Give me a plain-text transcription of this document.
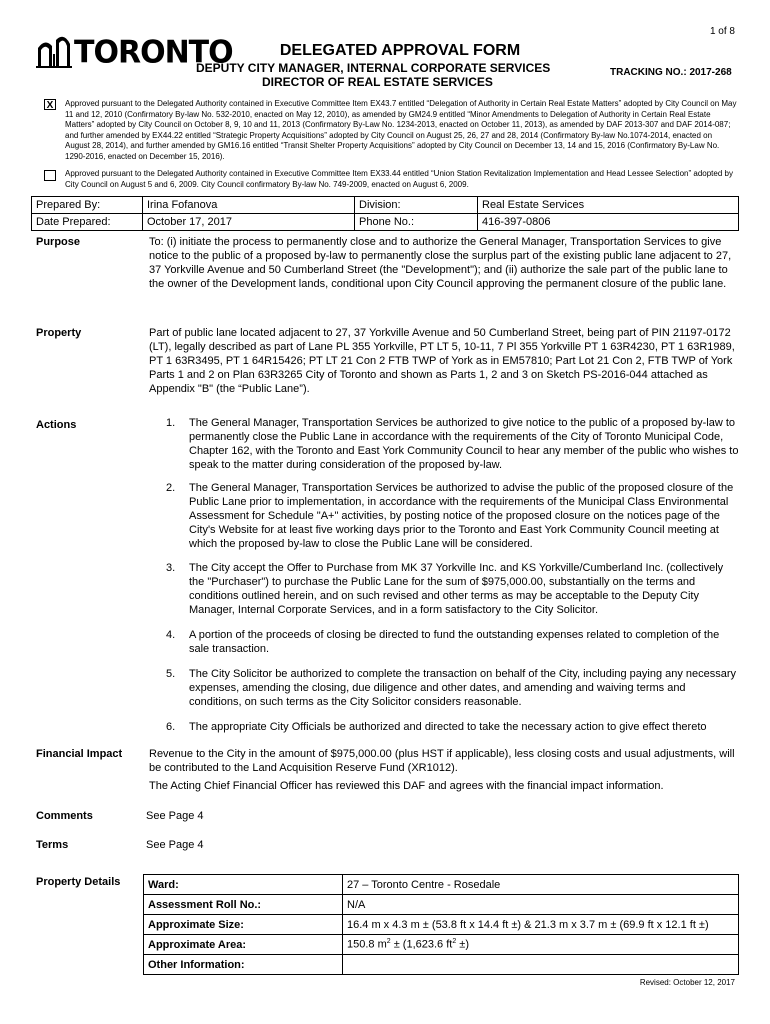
1 of 8
TORONTO	DELEGATED APPROVAL FORM
DEPUTY CITY MANAGER, INTERNAL CORPORATE SERVICES
DIRECTOR OF REAL ESTATE SERVICES
TRACKING NO.: 2017-268
X	Approved pursuant to the Delegated Authority contained in Executive Committee Item EX43.7 entitled “Delegation of Authority in Certain Real Estate Matters” adopted by City Council on May 11 and 12, 2010 (Confirmatory By-law No. 532-2010, enacted on May 12, 2010), as amended by GM24.9 entitled “Minor Amendments to Delegation of Authority in Certain Real Estate Matters” adopted by City Council on October 8, 9, 10 and 11, 2013 (Confirmatory By-Law No. 1234-2013, enacted on October 11, 2013), as amended by DAF 2013-307 and DAF 2014-087; and further amended by EX44.22 entitled “Strategic Property Acquisitions” adopted by City Council on August 25, 26, 27 and 28, 2014 (Confirmatory By-law No.1074-2014, enacted on August 28, 2014), and further amended by GM16.16 entitled “Transit Shelter Property Acquisitions” adopted by City Council on December 13, 14 and 15, 2016 (Confirmatory By-Law No. 1290-2016, enacted on December 15, 2016).
Approved pursuant to the Delegated Authority contained in Executive Committee Item EX33.44 entitled “Union Station Revitalization Implementation and Head Lessee Selection” adopted by City Council on August 5 and 6, 2009. City Council confirmatory By-law No. 749-2009, enacted on August 6, 2009.
Prepared By:	Irina Fofanova	Division:	Real Estate Services
Date Prepared:	October 17, 2017	Phone No.:	416-397-0806
Purpose	To: (i) initiate the process to permanently close and to authorize the General Manager, Transportation Services to give notice to the public of a proposed by-law to permanently close the surplus part of the existing public lane adjacent to 27, 37 Yorkville Avenue and 50 Cumberland Street (the "Development"); and (ii) authorize the sale part of the public lane to the owner of the Development lands, conditional upon City Council approving the permanent closure of the public lane.
Property	Part of public lane located adjacent to 27, 37 Yorkville Avenue and 50 Cumberland Street, being part of PIN 21197-0172 (LT), legally described as part of Lane PL 355 Yorkville, PT LT 5, 10-11, 7 Pl 355 Yorkville PT 1 63R4230, PT 1 63R1989, PT 1 63R3495, PT 1 64R15426; PT LT 21 Con 2 FTB TWP of York as in EM57810; Part Lot 21 Con 2, FTB TWP of York Parts 1 and 2 on Plan 63R3265 City of Toronto and shown as Parts 1, 2 and 3 on Sketch PS-2016-044 attached as Appendix "B" (the “Public Lane”).
Actions	1. The General Manager, Transportation Services be authorized to give notice to the public of a proposed by-law to permanently close the Public Lane in accordance with the requirements of the City of Toronto Municipal Code, Chapter 162, with the Toronto and East York Community Council to hear any member of the public who wishes to speak to the matter during consideration of the proposed by-law.
2. The General Manager, Transportation Services be authorized to advise the public of the proposed closure of the Public Lane prior to implementation, in accordance with the requirements of the Municipal Class Environmental Assessment for Schedule "A+" activities, by posting notice of the proposed closure on the notices page of the City's Website for at least five working days prior to the Toronto and East York Community Council meeting at which the proposed by-law to close the Public Lane will be considered.
3. The City accept the Offer to Purchase from MK 37 Yorkville Inc. and KS Yorkville/Cumberland Inc. (collectively the "Purchaser") to purchase the Public Lane for the sum of $975,000.00, substantially on the terms and conditions outlined herein, and on such revised and other terms as may be acceptable to the Deputy City Manager, Internal Corporate Services, and in a form satisfactory to the City Solicitor.
4. A portion of the proceeds of closing be directed to fund the outstanding expenses related to completion of the sale transaction.
5. The City Solicitor be authorized to complete the transaction on behalf of the City, including paying any necessary expenses, amending the closing, due diligence and other dates, and amending and waiving terms and conditions, on such terms as the City Solicitor considers reasonable.
6. The appropriate City Officials be authorized and directed to take the necessary action to give effect thereto
Financial Impact Revenue to the City in the amount of $975,000.00 (plus HST if applicable), less closing costs and usual adjustments, will be contributed to the Land Acquisition Reserve Fund (XR1012).
The Acting Chief Financial Officer has reviewed this DAF and agrees with the financial impact information.
Comments	See Page 4
Terms	See Page 4
Property Details	Ward:	27 – Toronto Centre - Rosedale
Assessment Roll No.:	N/A
Approximate Size:	16.4 m x 4.3 m ± (53.8 ft x 14.4 ft ±) & 21.3 m x 3.7 m ± (69.9 ft x 12.1 ft ±)
Approximate Area:	150.8 $m^2 \pm (1,623.6$ $ft^2$ ±)
Other Information:	
Revised: October 12, 2017
